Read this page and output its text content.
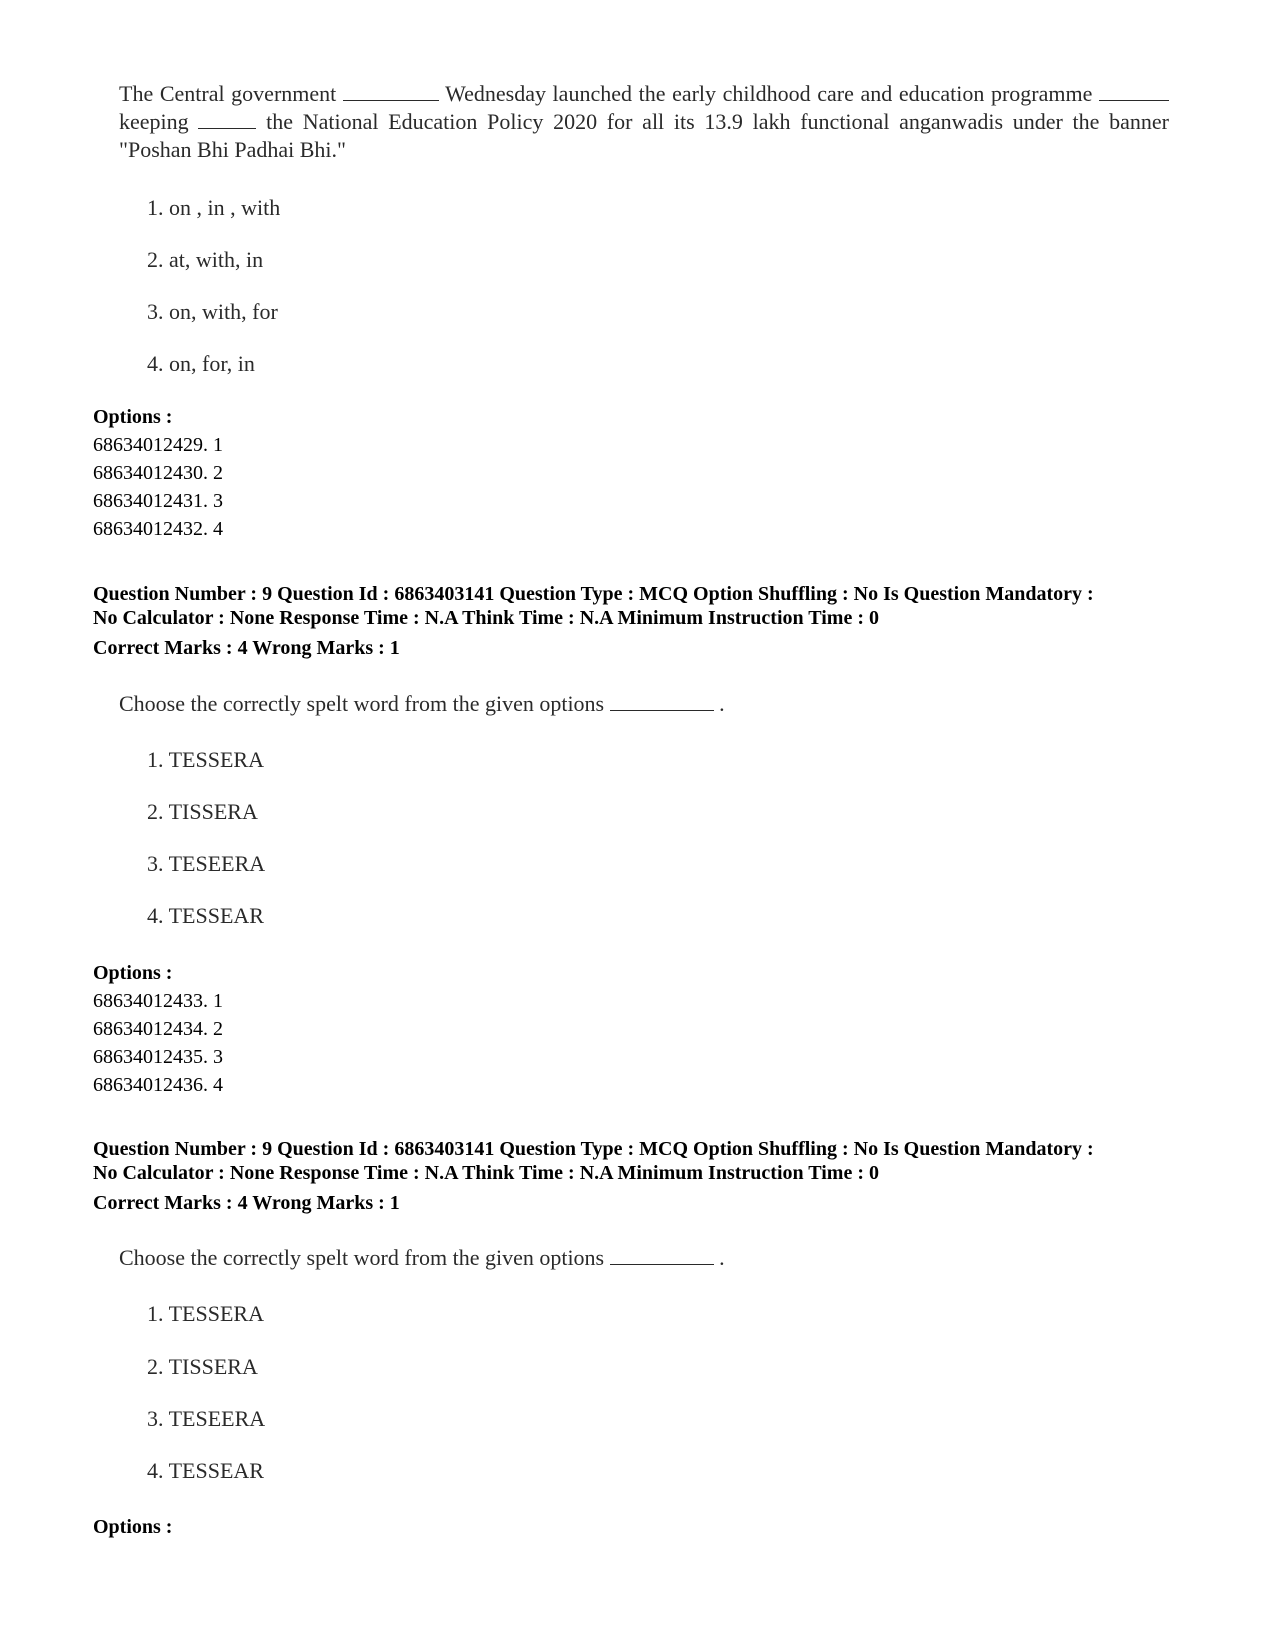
The Central government	Wednesday launched the early childhood care and education programme  keeping	the National Education Policy 2020 for all its 13.9 lakh functional anganwadis under the banner "Poshan Bhi Padhai Bhi."
1. on , in , with
2. at, with, in
3. on, with, for
4. on, for, in
Options :
68634012429. 1
68634012430. 2
68634012431. 3
68634012432. 4
Question Number : 9 Question Id : 6863403141 Question Type : MCQ Option Shuffling : No Is Question Mandatory :
No Calculator : None Response Time : N.A Think Time : N.A Minimum Instruction Time : 0
Correct Marks : 4 Wrong Marks : 1
Choose the correctly spelt word from the given options	.
1. TESSERA
2. TISSERA
3. TESEERA
4. TESSEAR
Options :
68634012433. 1
68634012434. 2
68634012435. 3
68634012436. 4
Question Number : 9 Question Id : 6863403141 Question Type : MCQ Option Shuffling : No Is Question Mandatory :
No Calculator : None Response Time : N.A Think Time : N.A Minimum Instruction Time : 0
Correct Marks : 4 Wrong Marks : 1
Choose the correctly spelt word from the given options	.
1. TESSERA
2. TISSERA
3. TESEERA
4. TESSEAR
Options :
